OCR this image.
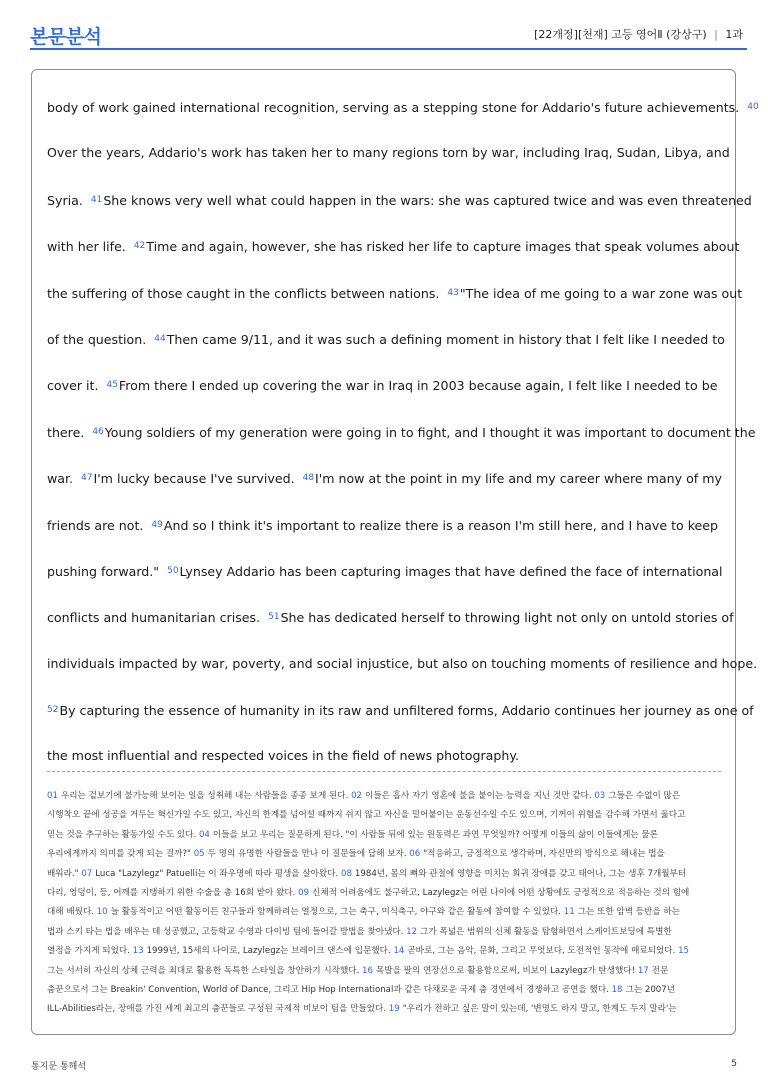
본문분석	[22개정][천재] 고등 영어Ⅱ (강상구) | 1과
body of work gained international recognition, serving as a stepping stone for Addario's future achievements. $^{40}$
Over the years, Addario's work has taken her to many regions torn by war, including Iraq, Sudan, Libya, and
Syria. $^{41}$She knows very well what could happen in the wars: she was captured twice and was even threatened
with her life. $^{42}$Time and again, however, she has risked her life to capture images that speak volumes about
the suffering of those caught in the conflicts between nations. $^{43}$"The idea of me going to a war zone was out
of the question. $^{44}$Then came 9/11, and it was such a defining moment in history that I felt like I needed to
cover it. $^{45}$From there I ended up covering the war in Iraq in 2003 because again, I felt like I needed to be
there. $^{46}$Young soldiers of my generation were going in to fight, and I thought it was important to document the
war. $^{47}$I'm lucky because I've survived. $^{48}$I'm now at the point in my life and my career where many of my
friends are not. $^{49}$And so I think it's important to realize there is a reason I'm still here, and I have to keep
pushing forward." $^{50}$Lynsey Addario has been capturing images that have defined the face of international
conflicts and humanitarian crises. $^{51}$She has dedicated herself to throwing light not only on untold stories of
individuals impacted by war, poverty, and social injustice, but also on touching moments of resilience and hope.
$^{52}$By capturing the essence of humanity in its raw and unfiltered forms, Addario continues her journey as one of
the most influential and respected voices in the field of news photography.
01 우리는 겉보기에 불가능해 보이는 일을 성취해 내는 사람들을 종종 보게 된다. 02 이들은 흡사 자기 영혼에 불을 붙이는 능력을 지닌 것만 같다. 03 그들은 수없이 많은
시행착오 끝에 성공을 거두는 혁신가일 수도 있고, 자신의 한계를 넘어설 때까지 쉬지 않고 자신을 밀어붙이는 운동선수일 수도 있으며, 기꺼이 위험을 감수해 가면서 옳다고
믿는 것을 추구하는 활동가일 수도 있다. 04 이들을 보고 우리는 질문하게 된다. "이 사람들 뒤에 있는 원동력은 과연 무엇일까? 어떻게 이들의 삶이 이들에게는 물론
우리에게까지 의미를 갖게 되는 걸까?" 05 두 명의 유명한 사람들을 만나 이 질문들에 답해 보자. 06 "적응하고, 긍정적으로 생각하며, 자신만의 방식으로 해내는 법을
배워라." 07 Luca "Lazylegz" Patuelli는 이 좌우명에 따라 평생을 살아왔다. 08 1984년, 몸의 뼈와 관절에 영향을 미치는 희귀 장애를 갖고 태어나, 그는 생후 7개월부터
다리, 엉덩이, 등, 어깨를 지탱하기 위한 수술을 총 16회 받아 왔다. 09 신체적 어려움에도 불구하고, Lazylegz는 어린 나이에 어떤 상황에도 긍정적으로 적응하는 것의 힘에
대해 배웠다. 10 늘 활동적이고 어떤 활동이든 친구들과 함께하려는 열정으로, 그는 축구, 미식축구, 야구와 같은 활동에 참여할 수 있었다. 11 그는 또한 암벽 등반을 하는
법과 스키 타는 법을 배우는 데 성공했고, 고등학교 수영과 다이빙 팀에 들어갈 방법을 찾아냈다. 12 그가 폭넓은 범위의 신체 활동을 탐험하면서 스케이트보딩에 특별한
열정을 가지게 되었다. 13 1999년, 15세의 나이로, Lazylegz는 브레이크 댄스에 입문했다. 14 곧바로, 그는 음악, 문화, 그리고 무엇보다, 도전적인 동작에 매료되었다. 15
그는 서서히 자신의 상체 근력을 최대로 활용한 독특한 스타일을 창안하기 시작했다. 16 목발을 팔의 연장선으로 활용함으로써, 비보이 Lazylegz가 탄생했다! 17 전문
춤꾼으로서 그는 Breakin' Convention, World of Dance, 그리고 Hip Hop International과 같은 다채로운 국제 춤 경연에서 경쟁하고 공연을 했다. 18 그는 2007년
ILL-Abilities라는, 장애를 가진 세계 최고의 춤꾼들로 구성된 국제적 비보이 팀을 만들었다. 19 "우리가 전하고 싶은 말이 있는데, '변명도 하지 말고, 한계도 두지 말라'는
통지문 통해석	5
